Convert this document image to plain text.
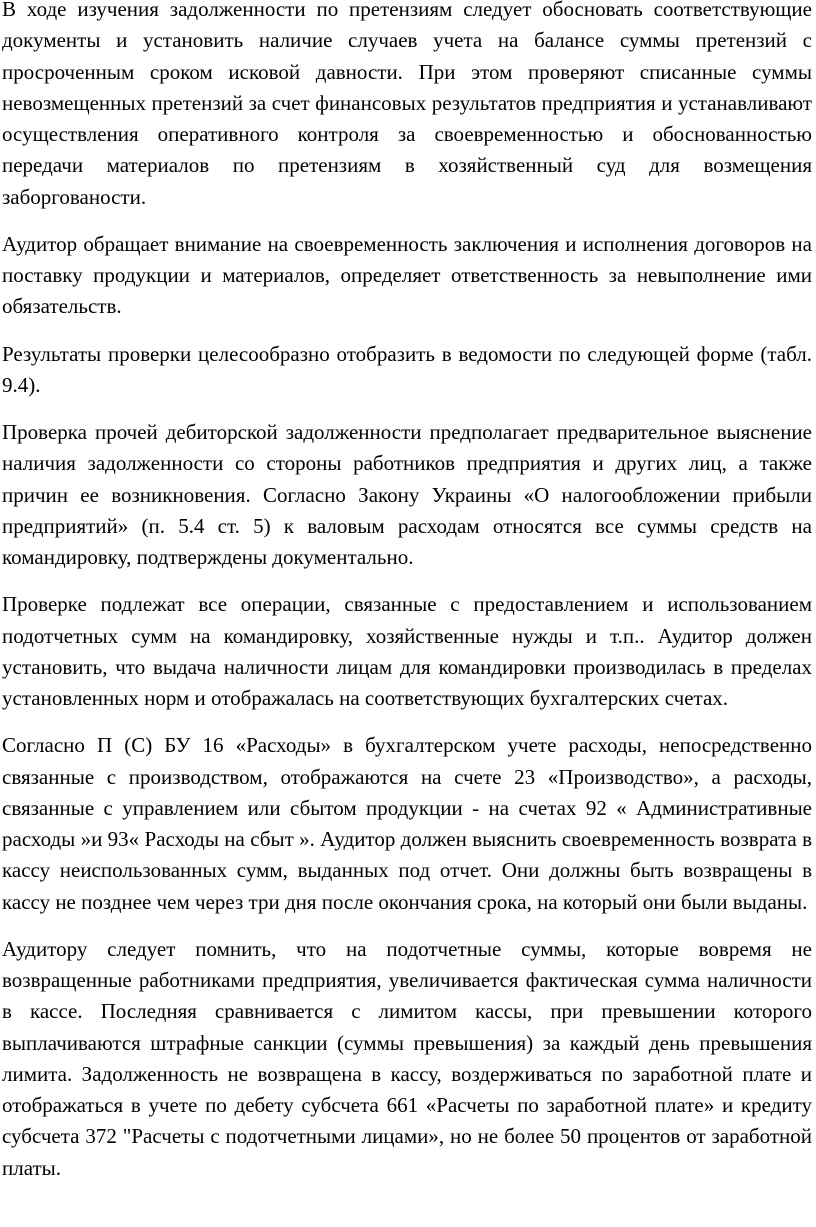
В ходе изучения задолженности по претензиям следует обосновать соответствующие документы и установить наличие случаев учета на балансе суммы претензий с просроченным сроком исковой давности. При этом проверяют списанные суммы невозмещенных претензий за счет финансовых результатов предприятия и устанавливают осуществления оперативного контроля за своевременностью и обоснованностью передачи материалов по претензиям в хозяйственный суд для возмещения заборгованости.

Аудитор обращает внимание на своевременность заключения и исполнения договоров на поставку продукции и материалов, определяет ответственность за невыполнение ими обязательств.

Результаты проверки целесообразно отобразить в ведомости по следующей форме (табл. 9.4).

Проверка прочей дебиторской задолженности предполагает предварительное выяснение наличия задолженности со стороны работников предприятия и других лиц, а также причин ее возникновения. Согласно Закону Украины «О налогообложении прибыли предприятий» (п. 5.4 ст. 5) к валовым расходам относятся все суммы средств на командировку, подтверждены документально.

Проверке подлежат все операции, связанные с предоставлением и использованием подотчетных сумм на командировку, хозяйственные нужды и т.п.. Аудитор должен установить, что выдача наличности лицам для командировки производилась в пределах установленных норм и отображалась на соответствующих бухгалтерских счетах.

Согласно П (С) БУ 16 «Расходы» в бухгалтерском учете расходы, непосредственно связанные с производством, отображаются на счете 23 «Производство», а расходы, связанные с управлением или сбытом продукции - на счетах 92 « Административные расходы »и 93« Расходы на сбыт ». Аудитор должен выяснить своевременность возврата в кассу неиспользованных сумм, выданных под отчет. Они должны быть возвращены в кассу не позднее чем через три дня после окончания срока, на который они были выданы.

Аудитору следует помнить, что на подотчетные суммы, которые вовремя не возвращенные работниками предприятия, увеличивается фактическая сумма наличности в кассе. Последняя сравнивается с лимитом кассы, при превышении которого выплачиваются штрафные санкции (суммы превышения) за каждый день превышения лимита. Задолженность не возвращена в кассу, воздерживаться по заработной плате и отображаться в учете по дебету субсчета 661 «Расчеты по заработной плате» и кредиту субсчета 372 "Расчеты с подотчетными лицами», но не более 50 процентов от заработной платы.
